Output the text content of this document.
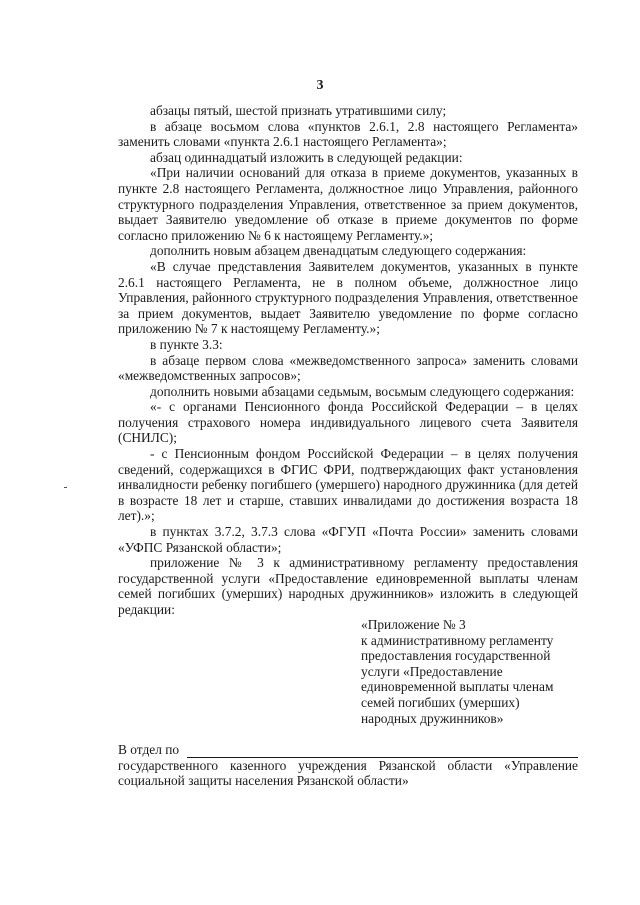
3

абзацы пятый, шестой признать утратившими силу;

в абзаце восьмом слова «пунктов 2.6.1, 2.8 настоящего Регламента» заменить словами «пункта 2.6.1 настоящего Регламента»;

абзац одиннадцатый изложить в следующей редакции:

«При наличии оснований для отказа в приеме документов, указанных в пункте 2.8 настоящего Регламента, должностное лицо Управления, районного структурного подразделения Управления, ответственное за прием документов, выдает Заявителю уведомление об отказе в приеме документов по форме согласно приложению № 6 к настоящему Регламенту.»;

дополнить новым абзацем двенадцатым следующего содержания:

«В случае представления Заявителем документов, указанных в пункте 2.6.1 настоящего Регламента, не в полном объеме, должностное лицо Управления, районного структурного подразделения Управления, ответственное за прием документов, выдает Заявителю уведомление по форме согласно приложению № 7 к настоящему Регламенту.»;

в пункте 3.3:

в абзаце первом слова «межведомственного запроса» заменить словами «межведомственных запросов»;

дополнить новыми абзацами седьмым, восьмым следующего содержания:

«- с органами Пенсионного фонда Российской Федерации – в целях получения страхового номера индивидуального лицевого счета Заявителя (СНИЛС);

- с Пенсионным фондом Российской Федерации – в целях получения сведений, содержащихся в ФГИС ФРИ, подтверждающих факт установления инвалидности ребенку погибшего (умершего) народного дружинника (для детей в возрасте 18 лет и старше, ставших инвалидами до достижения возраста 18 лет).»;

в пунктах 3.7.2, 3.7.3 слова «ФГУП «Почта России» заменить словами «УФПС Рязанской области»;

приложение № 3 к административному регламенту предоставления государственной услуги «Предоставление единовременной выплаты членам семей погибших (умерших) народных дружинников» изложить в следующей редакции:

«Приложение № 3
к административному регламенту
предоставления государственной
услуги «Предоставление
единовременной выплаты членам
семей погибших (умерших)
народных дружинников»
В отдел по

государственного казенного учреждения Рязанской области «Управление социальной защиты населения Рязанской области»
